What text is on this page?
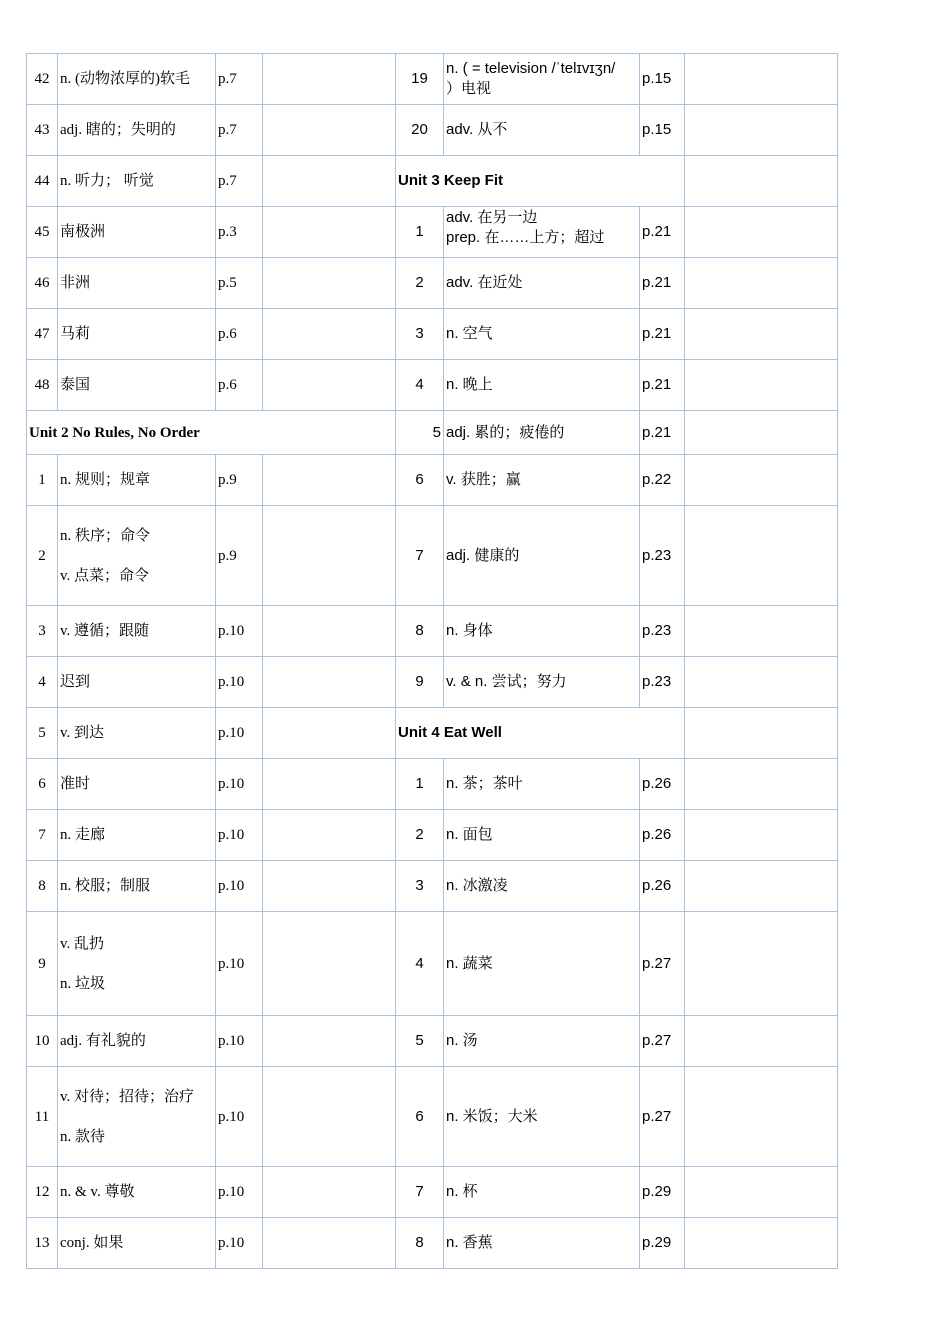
42	n. (动物浓厚的)软毛	p.7		19	n. ( = television /ˈtelɪvɪʒn/
）电视	p.15	
43	adj. 瞎的；失明的	p.7		20	adv. 从不	p.15	
44	n. 听力； 听觉	p.7		Unit 3 Keep Fit			
45	南极洲	p.3		1	adv. 在另一边
prep. 在……上方；超过	p.21	
46	非洲	p.5		2	adv. 在近处	p.21	
47	马莉	p.6		3	n. 空气	p.21	
48	泰国	p.6		4	n. 晚上	p.21	
Unit 2 No Rules, No Order				5	adj. 累的；疲倦的	p.21	
1	n. 规则；规章	p.9		6	v. 获胜；赢	p.22	
2	n. 秩序；命令
v. 点菜；命令	p.9		7	adj. 健康的	p.23	
3	v. 遵循；跟随	p.10		8	n. 身体	p.23	
4	迟到	p.10		9	v. & n. 尝试；努力	p.23	
5	v. 到达	p.10		Unit 4 Eat Well			
6	准时	p.10		1	n. 茶；茶叶	p.26	
7	n. 走廊	p.10		2	n. 面包	p.26	
8	n. 校服；制服	p.10		3	n. 冰激凌	p.26	
9	v. 乱扔
n. 垃圾	p.10		4	n. 蔬菜	p.27	
10	adj. 有礼貌的	p.10		5	n. 汤	p.27	
11	v. 对待；招待；治疗
n. 款待	p.10		6	n. 米饭；大米	p.27	
12	n. & v. 尊敬	p.10		7	n. 杯	p.29	
13	conj. 如果	p.10		8	n. 香蕉	p.29	
